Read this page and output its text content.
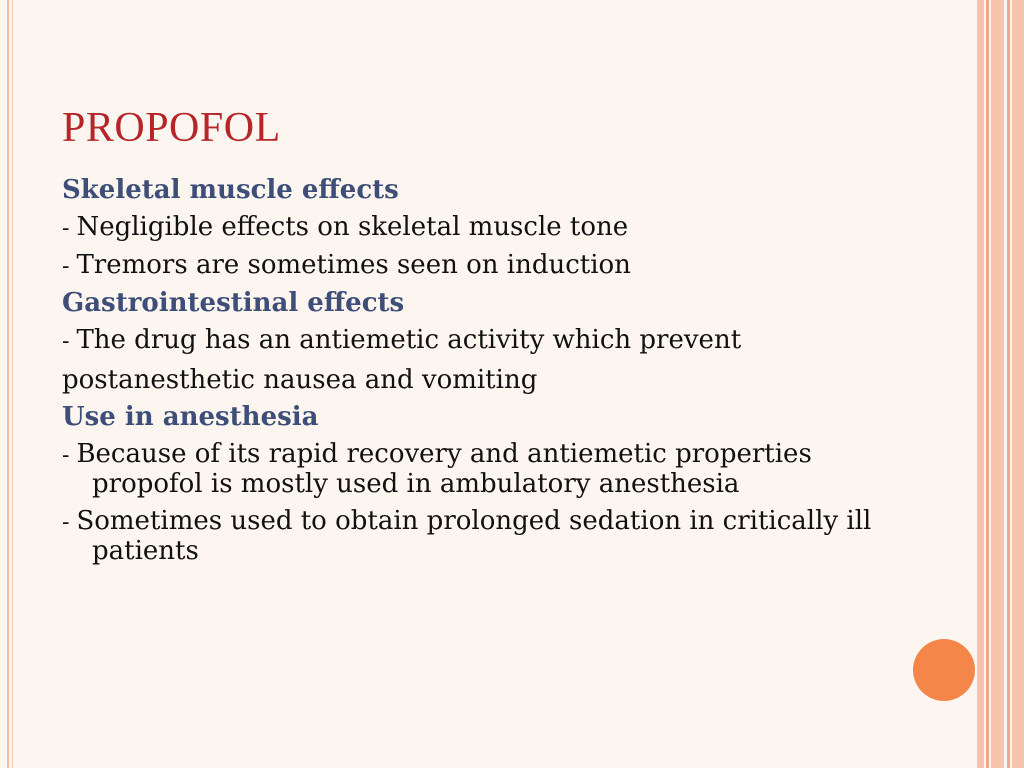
PROPOFOL

Skeletal muscle effects

- Negligible effects on skeletal muscle tone

- Tremors are sometimes seen on induction

Gastrointestinal effects

- The drug has an antiemetic activity which prevent

postanesthetic nausea and vomiting

Use in anesthesia

- Because of its rapid recovery and antiemetic properties propofol is mostly used in ambulatory anesthesia

- Sometimes used to obtain prolonged sedation in critically ill patients
